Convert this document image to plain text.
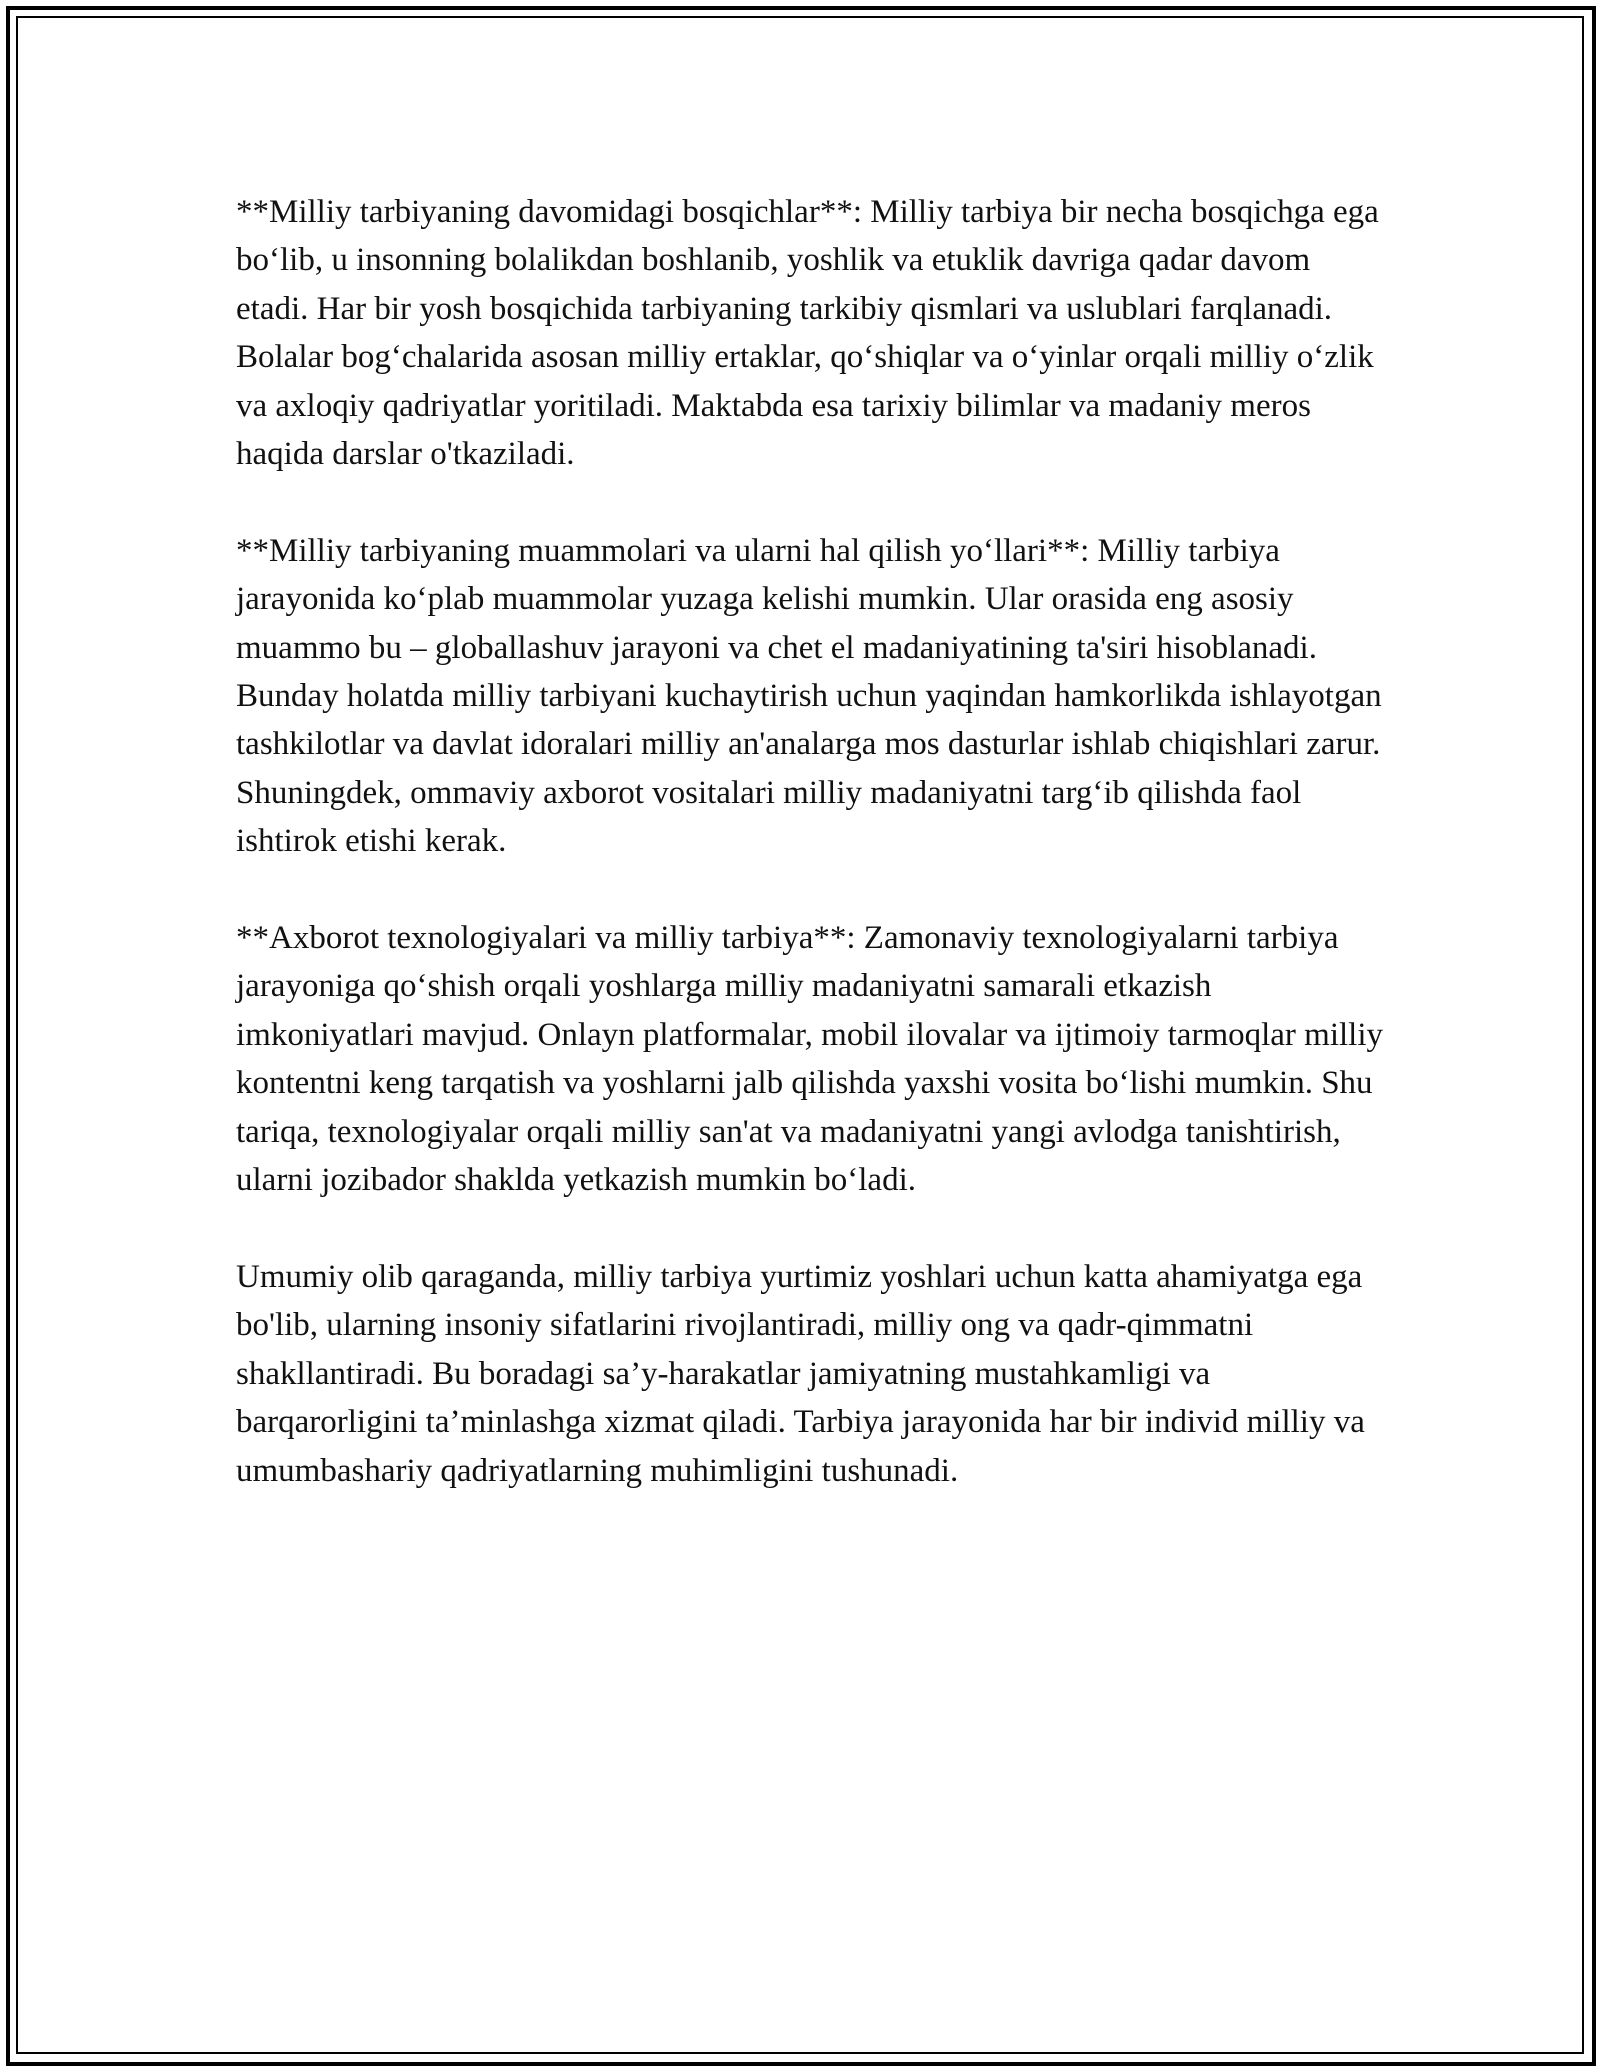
**Milliy tarbiyaning davomidagi bosqichlar**: Milliy tarbiya bir necha bosqichga ega bo‘lib, u insonning bolalikdan boshlanib, yoshlik va etuklik davriga qadar davom etadi. Har bir yosh bosqichida tarbiyaning tarkibiy qismlari va uslublari farqlanadi. Bolalar bog‘chalarida asosan milliy ertaklar, qo‘shiqlar va o‘yinlar orqali milliy o‘zlik va axloqiy qadriyatlar yoritiladi. Maktabda esa tarixiy bilimlar va madaniy meros haqida darslar o'tkaziladi.

**Milliy tarbiyaning muammolari va ularni hal qilish yo‘llari**: Milliy tarbiya jarayonida ko‘plab muammolar yuzaga kelishi mumkin. Ular orasida eng asosiy muammo bu – globallashuv jarayoni va chet el madaniyatining ta'siri hisoblanadi. Bunday holatda milliy tarbiyani kuchaytirish uchun yaqindan hamkorlikda ishlayotgan tashkilotlar va davlat idoralari milliy an'analarga mos dasturlar ishlab chiqishlari zarur. Shuningdek, ommaviy axborot vositalari milliy madaniyatni targ‘ib qilishda faol ishtirok etishi kerak.

**Axborot texnologiyalari va milliy tarbiya**: Zamonaviy texnologiyalarni tarbiya jarayoniga qo‘shish orqali yoshlarga milliy madaniyatni samarali etkazish imkoniyatlari mavjud. Onlayn platformalar, mobil ilovalar va ijtimoiy tarmoqlar milliy kontentni keng tarqatish va yoshlarni jalb qilishda yaxshi vosita bo‘lishi mumkin. Shu tariqa, texnologiyalar orqali milliy san'at va madaniyatni yangi avlodga tanishtirish, ularni jozibador shaklda yetkazish mumkin bo‘ladi.

Umumiy olib qaraganda, milliy tarbiya yurtimiz yoshlari uchun katta ahamiyatga ega bo'lib, ularning insoniy sifatlarini rivojlantiradi, milliy ong va qadr-qimmatni shakllantiradi. Bu boradagi sa’y-harakatlar jamiyatning mustahkamligi va barqarorligini ta’minlashga xizmat qiladi. Tarbiya jarayonida har bir individ milliy va umumbashariy qadriyatlarning muhimligini tushunadi.
